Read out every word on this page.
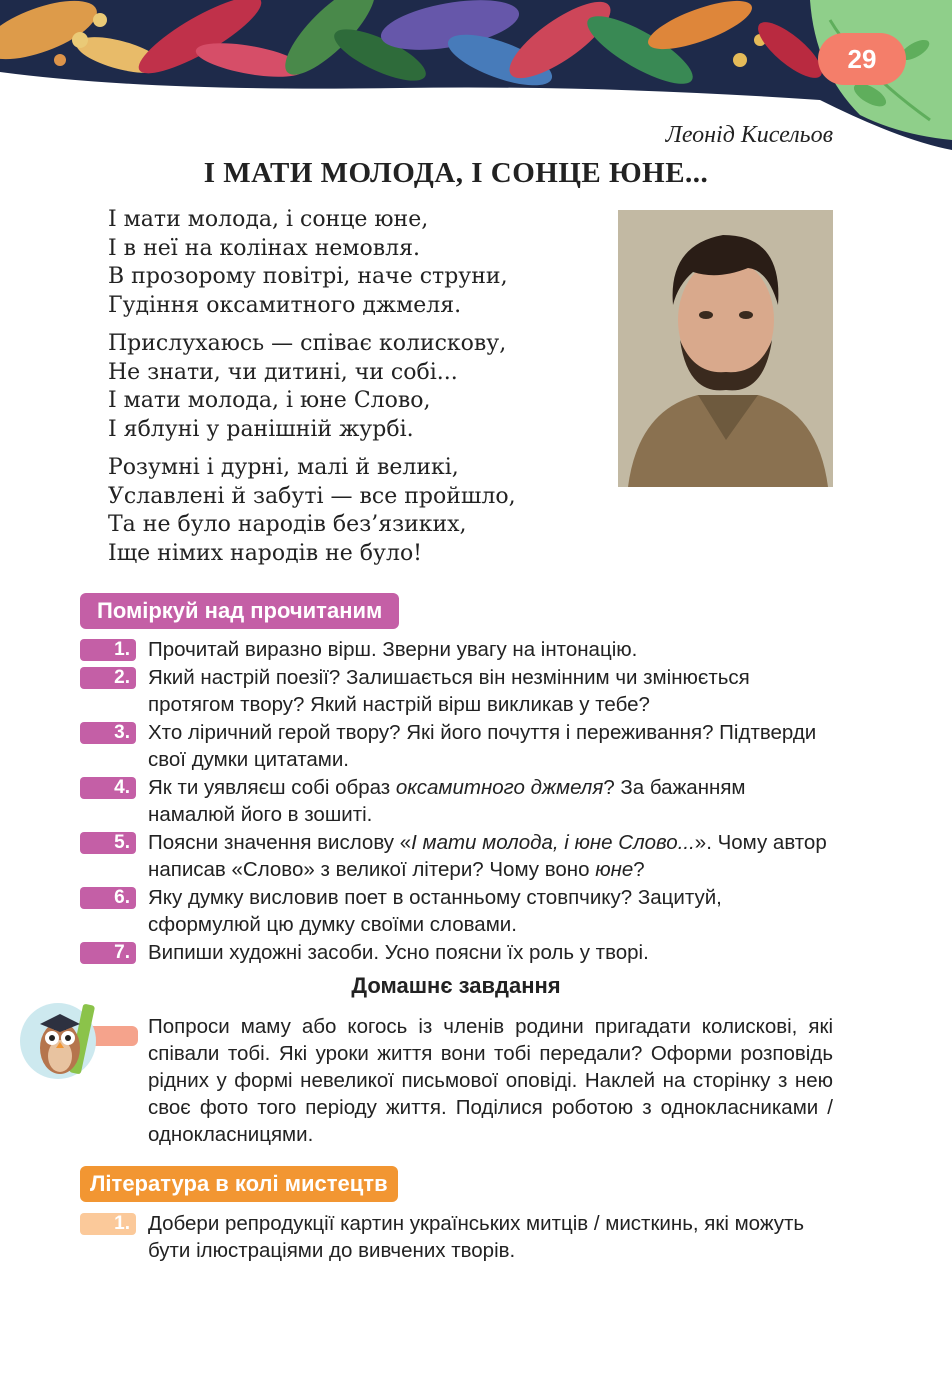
29
Леонід Кисельов
І МАТИ МОЛОДА, І СОНЦЕ ЮНЕ...
І мати молода, і сонце юне,
І в неї на колінах немовля.
В прозорому повітрі, наче струни,
Гудіння оксамитного джмеля.
Прислухаюсь — співає колискову,
Не знати, чи дитині, чи собі...
І мати молода, і юне Слово,
І яблуні у ранішній журбі.
Розумні і дурні, малі й великі,
Уславлені й забуті — все пройшло,
Та не було народів без’язиких,
Іще німих народів не було!
Поміркуй над прочитаним
1. Прочитай виразно вірш. Зверни увагу на інтонацію.
2. Який настрій поезії? Залишається він незмінним чи змінюється протягом твору? Який настрій вірш викликав у тебе?
3. Хто ліричний герой твору? Які його почуття і переживання? Підтверди свої думки цитатами.
4. Як ти уявляєш собі образ оксамитного джмеля? За бажанням намалюй його в зошиті.
5. Поясни значення вислову «І мати молода, і юне Слово...». Чому автор написав «Слово» з великої літери? Чому воно юне?
6. Яку думку висловив поет в останньому стовпчику? Зацитуй, сформулюй цю думку своїми словами.
7. Випиши художні засоби. Усно поясни їх роль у творі.
Домашнє завдання
Попроси маму або когось із членів родини пригадати колискові, які співали тобі. Які уроки життя вони тобі передали? Оформи розповідь рідних у формі невеликої письмової оповіді. Наклей на сторінку з нею своє фото того періоду життя. Поділися роботою з однокласниками / однокласницями.
Література в колі мистецтв
1. Добери репродукції картин українських митців / мисткинь, які можуть бути ілюстраціями до вивчених творів.
